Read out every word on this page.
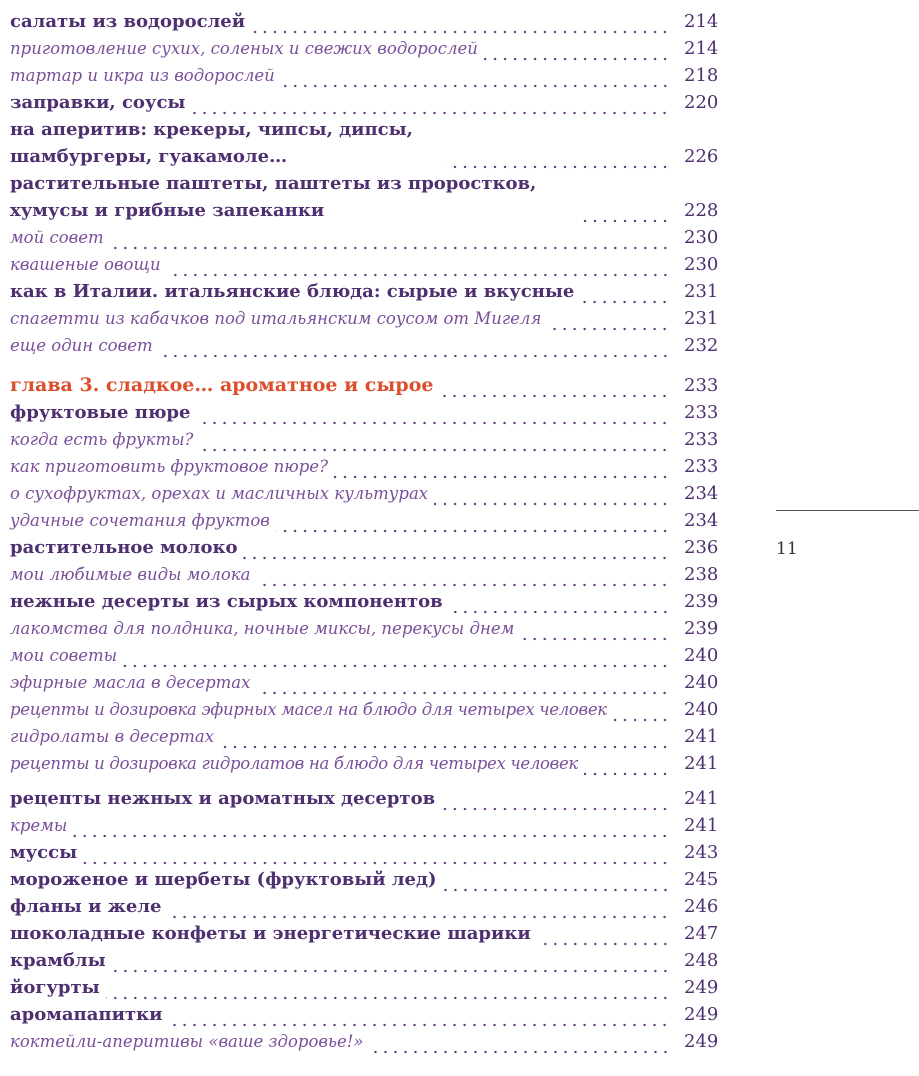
салаты из водорослей	214
приготовление сухих, соленых и свежих водорослей	214
тартар и икра из водорослей	218
заправки, соусы	220
на аперитив: крекеры, чипсы, дипсы, шамбургеры, гуакамоле…	226
растительные паштеты, паштеты из проростков, хумусы и грибные запеканки	228
мой совет	230
квашеные овощи	230
как в Италии. итальянские блюда: сырые и вкусные	231
спагетти из кабачков под итальянским соусом от Мигеля	231
еще один совет	232
глава 3. сладкое… ароматное и сырое	233
фруктовые пюре	233
когда есть фрукты?	233
как приготовить фруктовое пюре?	233
о сухофруктах, орехах и масличных культурах	234
удачные сочетания фруктов	234
растительное молоко	236
мои любимые виды молока	238
нежные десерты из сырых компонентов	239
лакомства для полдника, ночные миксы, перекусы днем	239
мои советы	240
эфирные масла в десертах	240
рецепты и дозировка эфирных масел на блюдо для четырех человек	240
гидролаты в десертах	241
рецепты и дозировка гидролатов на блюдо для четырех человек	241
рецепты нежных и ароматных десертов	241
кремы	241
муссы	243
мороженое и шербеты (фруктовый лед)	245
фланы и желе	246
шоколадные конфеты и энергетические шарики	247
крамблы	248
йогурты	249
аромапапитки	249
коктейли-аперитивы «ваше здоровье!»	249
11
